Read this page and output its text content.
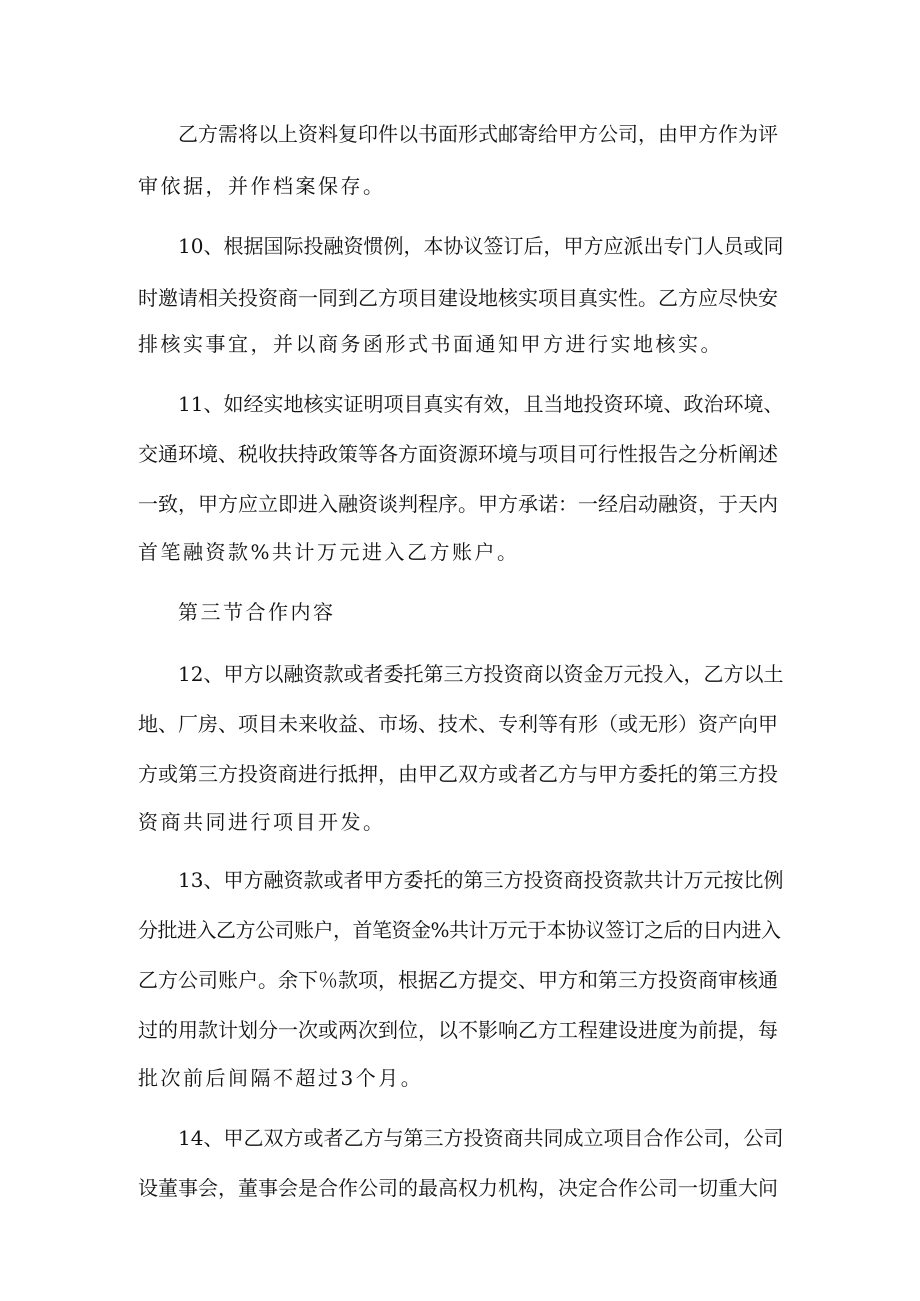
乙方需将以上资料复印件以书面形式邮寄给甲方公司，由甲方作为评
审依据，并作档案保存。
10、根据国际投融资惯例，本协议签订后，甲方应派出专门人员或同
时邀请相关投资商一同到乙方项目建设地核实项目真实性。乙方应尽快安
排核实事宜，并以商务函形式书面通知甲方进行实地核实。
11、如经实地核实证明项目真实有效，且当地投资环境、政治环境、
交通环境、税收扶持政策等各方面资源环境与项目可行性报告之分析阐述
一致，甲方应立即进入融资谈判程序。甲方承诺：一经启动融资，于天内
首笔融资款%共计万元进入乙方账户。
第三节合作内容
12、甲方以融资款或者委托第三方投资商以资金万元投入，乙方以土
地、厂房、项目未来收益、市场、技术、专利等有形（或无形）资产向甲
方或第三方投资商进行抵押，由甲乙双方或者乙方与甲方委托的第三方投
资商共同进行项目开发。
13、甲方融资款或者甲方委托的第三方投资商投资款共计万元按比例
分批进入乙方公司账户，首笔资金%共计万元于本协议签订之后的日内进入
乙方公司账户。余下％款项，根据乙方提交、甲方和第三方投资商审核通
过的用款计划分一次或两次到位，以不影响乙方工程建设进度为前提，每
批次前后间隔不超过3个月。
14、甲乙双方或者乙方与第三方投资商共同成立项目合作公司，公司
设董事会，董事会是合作公司的最高权力机构，决定合作公司一切重大问
